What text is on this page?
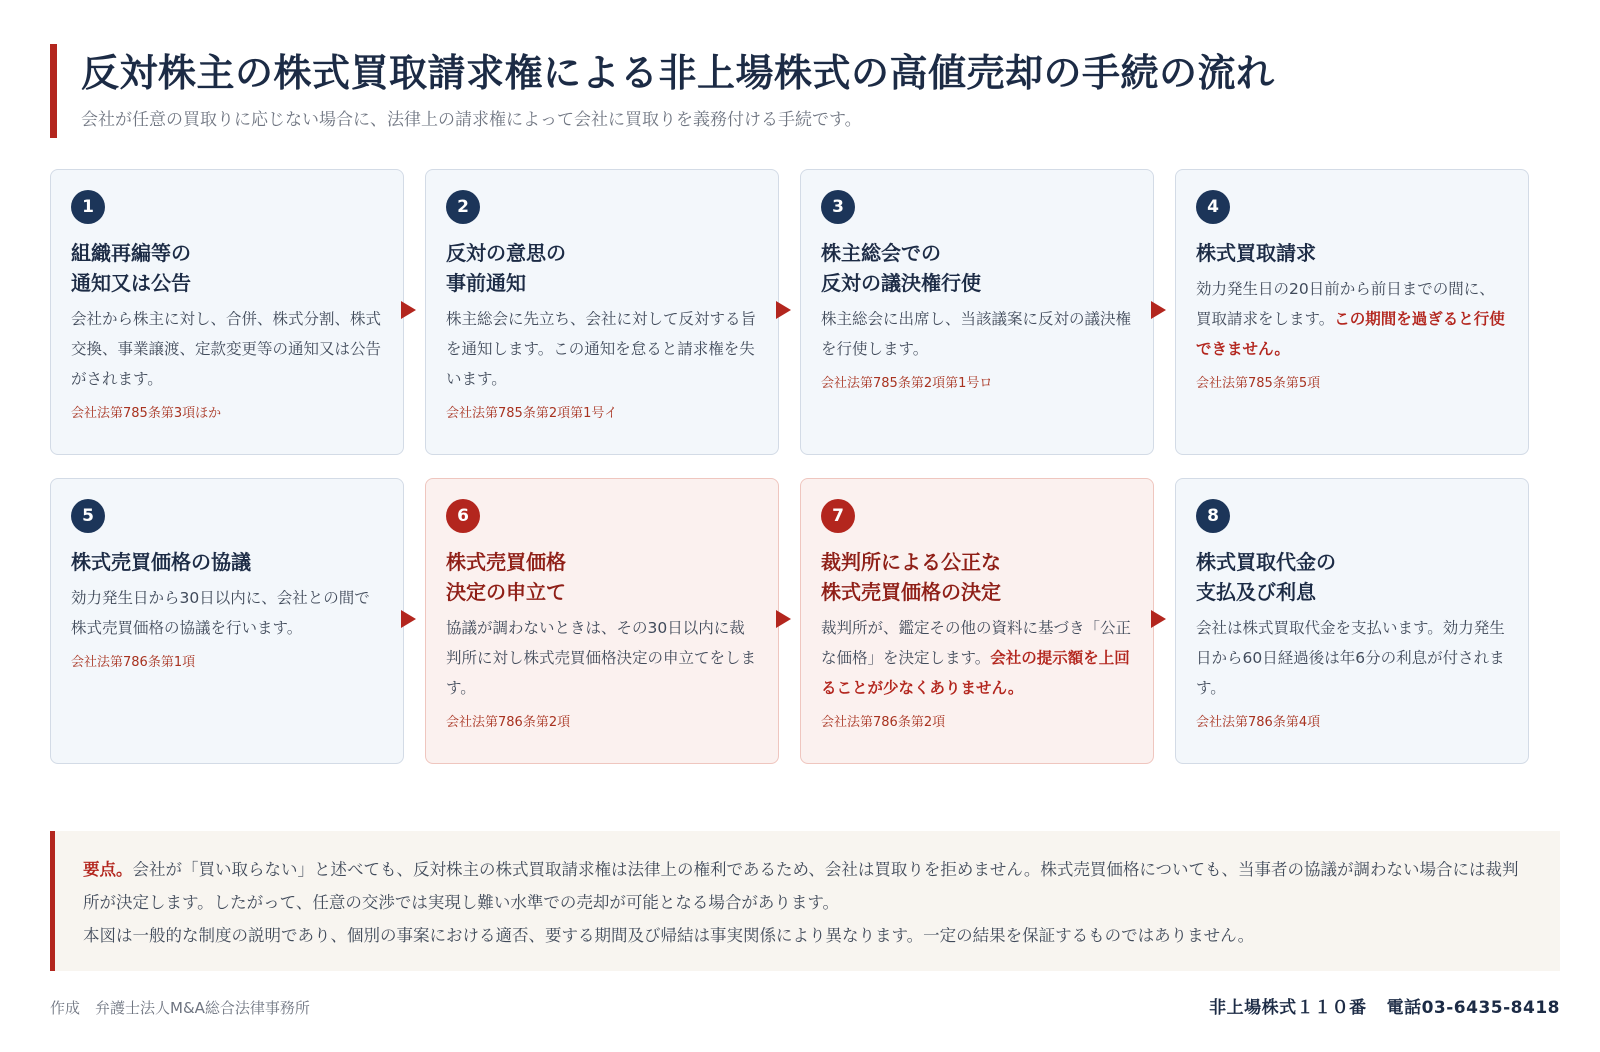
反対株主の株式買取請求権による非上場株式の高値売却の手続の流れ
会社が任意の買取りに応じない場合に、法律上の請求権によって会社に買取りを義務付ける手続です。
1
組織再編等の
通知又は公告
会社から株主に対し、合併、株式分割、株式交換、事業譲渡、定款変更等の通知又は公告がされます。
会社法第785条第3項ほか
2
反対の意思の
事前通知
株主総会に先立ち、会社に対して反対する旨を通知します。この通知を怠ると請求権を失います。
会社法第785条第2項第1号イ
3
株主総会での
反対の議決権行使
株主総会に出席し、当該議案に反対の議決権を行使します。
会社法第785条第2項第1号ロ
4
株式買取請求
効力発生日の20日前から前日までの間に、買取請求をします。この期間を過ぎると行使できません。
会社法第785条第5項
5
株式売買価格の協議
効力発生日から30日以内に、会社との間で株式売買価格の協議を行います。
会社法第786条第1項
6
株式売買価格
決定の申立て
協議が調わないときは、その30日以内に裁判所に対し株式売買価格決定の申立てをします。
会社法第786条第2項
7
裁判所による公正な
株式売買価格の決定
裁判所が、鑑定その他の資料に基づき「公正な価格」を決定します。会社の提示額を上回ることが少なくありません。
会社法第786条第2項
8
株式買取代金の
支払及び利息
会社は株式買取代金を支払います。効力発生日から60日経過後は年6分の利息が付されます。
会社法第786条第4項

要点。会社が「買い取らない」と述べても、反対株主の株式買取請求権は法律上の権利であるため、会社は買取りを拒めません。株式売買価格についても、当事者の協議が調わない場合には裁判所が決定します。したがって、任意の交渉では実現し難い水準での売却が可能となる場合があります。

本図は一般的な制度の説明であり、個別の事案における適否、要する期間及び帰結は事実関係により異なります。一定の結果を保証するものではありません。

作成　弁護士法人M&A総合法律事務所	非上場株式１１０番 電話03-6435-8418
